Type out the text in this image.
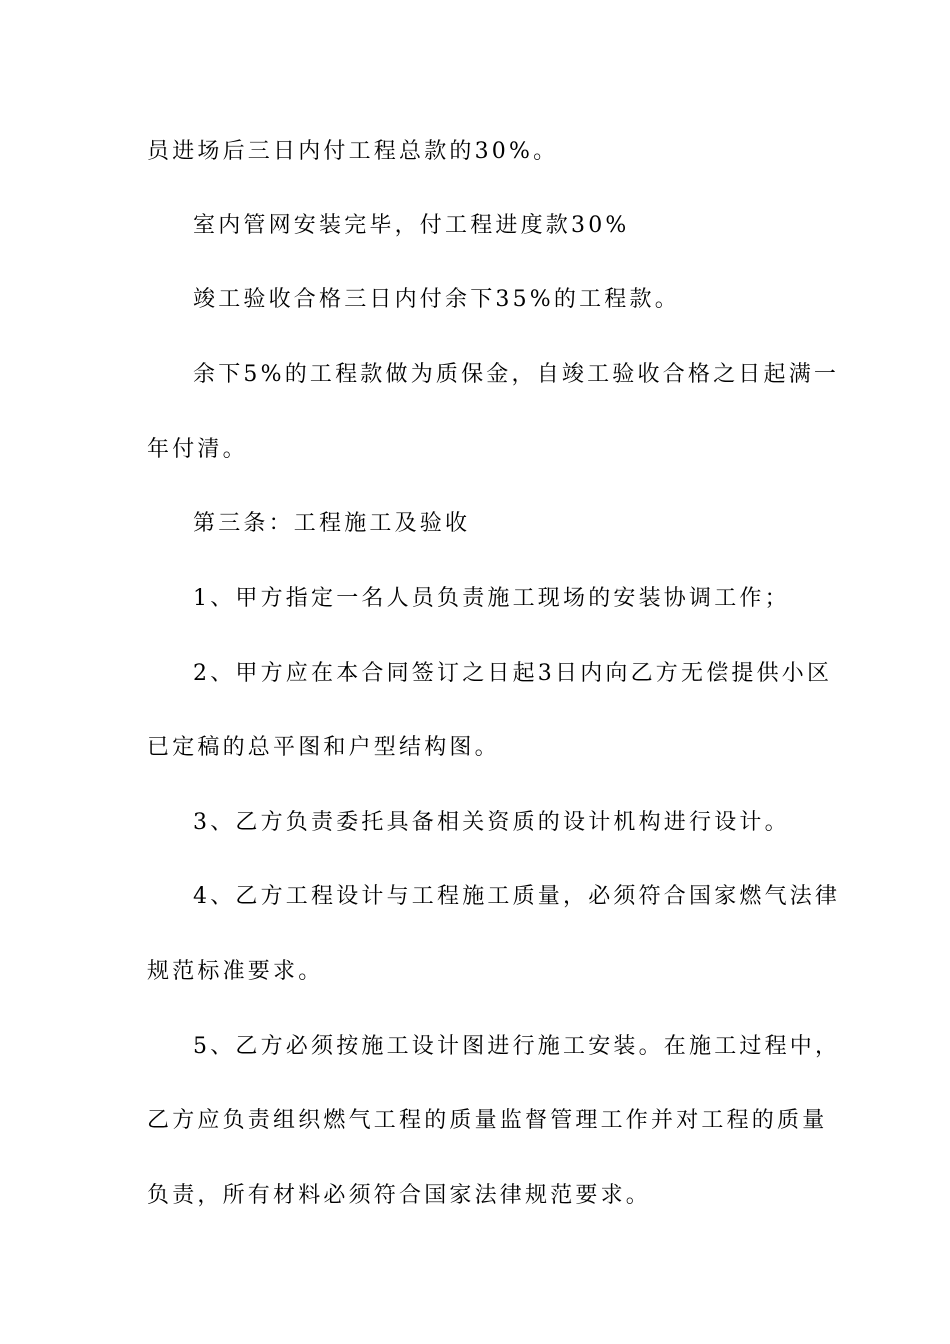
员进场后三日内付工程总款的30%。
室内管网安装完毕，付工程进度款30%
竣工验收合格三日内付余下35%的工程款。
余下5%的工程款做为质保金，自竣工验收合格之日起满一
年付清。
第三条：工程施工及验收
1、甲方指定一名人员负责施工现场的安装协调工作；
2、甲方应在本合同签订之日起3日内向乙方无偿提供小区
已定稿的总平图和户型结构图。
3、乙方负责委托具备相关资质的设计机构进行设计。
4、乙方工程设计与工程施工质量，必须符合国家燃气法律
规范标准要求。
5、乙方必须按施工设计图进行施工安装。在施工过程中，
乙方应负责组织燃气工程的质量监督管理工作并对工程的质量
负责，所有材料必须符合国家法律规范要求。
